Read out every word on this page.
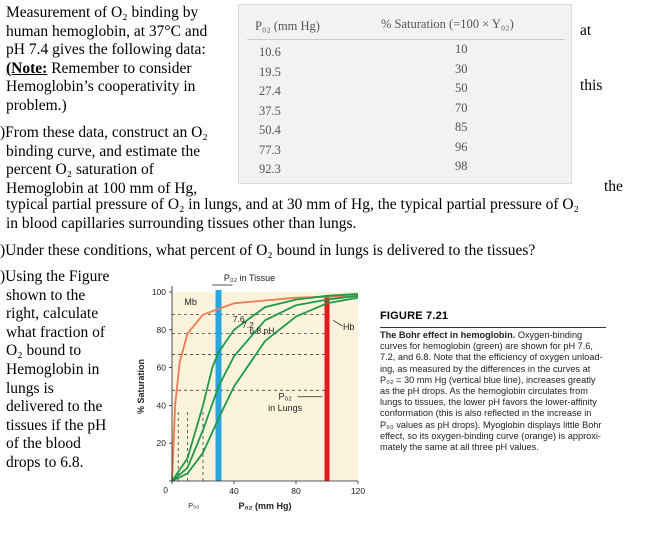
Measurement of O₂ binding by
human hemoglobin, at 37°C and
pH 7.4 gives the following data:
(Note: Remember to consider
Hemoglobin’s cooperativity in
problem.)
at
this
)From these data, construct an O₂
binding curve, and estimate the
percent O₂ saturation of
Hemoglobin at 100 mm of Hg,	the
typical partial pressure of O₂ in lungs, and at 30 mm of Hg, the typical partial pressure of O₂
in blood capillaries surrounding tissues other than lungs.
)Under these conditions, what percent of O₂ bound in lungs is delivered to the tissues?
)Using the Figure
shown to the
right, calculate
what fraction of
O₂ bound to
Hemoglobin in
lungs is
delivered to the
tissues if the pH
of the blood
drops to 6.8.
P₀₂ (mm Hg)	% Saturation (=100 × Y₀₂)
10.6	10
19.5	30
27.4	50
37.5	70
50.4	85
77.3	96
92.3	98
20
40
60
80
100
0	40	80	120
% Saturation
P₀₂ (mm Hg)
P₅₀
P₀₂ in Tissue
P₀₂
in Lungs
Mb
7.6
7.2
6.8 pH	Hb
FIGURE 7.21
The Bohr effect in hemoglobin. Oxygen-binding
curves for hemoglobin (green) are shown for pH 7.6,
7.2, and 6.8. Note that the efficiency of oxygen unload-
ing, as measured by the differences in the curves at
P₀₂ = 30 mm Hg (vertical blue line), increases greatly
as the pH drops. As the hemoglobin circulates from
lungs to tissues, the lower pH favors the lower-affinity
conformation (this is also reflected in the increase in
P₅₀ values as pH drops). Myoglobin displays little Bohr
effect, so its oxygen-binding curve (orange) is approxi-
mately the same at all three pH values.
